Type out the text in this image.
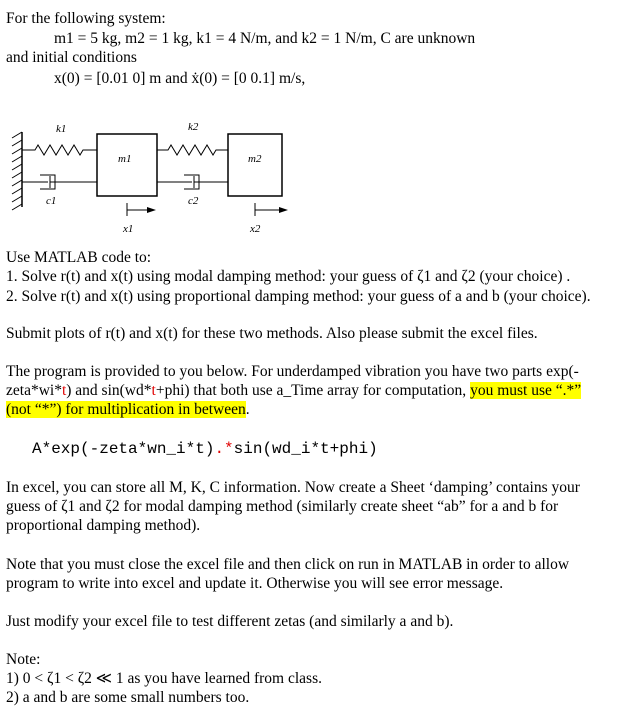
For the following system:
m1 = 5 kg, m2 = 1 kg, k1 = 4 N/m, and k2 = 1 N/m, C are unknown
and initial conditions
x(0) = [0.01 0] m and ẋ(0) = [0 0.1] m/s,
k1
c1
m1
x1
k2
c2
m2
x2
Use MATLAB code to:
1. Solve r(t) and x(t) using modal damping method: your guess of ζ1 and ζ2 (your choice) .
2. Solve r(t) and x(t) using proportional damping method: your guess of a and b (your choice).
Submit plots of r(t) and x(t) for these two methods. Also please submit the excel files.
The program is provided to you below. For underdamped vibration you have two parts exp(-
zeta*wi*t) and sin(wd*t+phi) that both use a_Time array for computation, you must use “.*”
(not “*”) for multiplication in between.
A*exp(-zeta*wn_i*t).*sin(wd_i*t+phi)
In excel, you can store all M, K, C information. Now create a Sheet ‘damping’ contains your
guess of ζ1 and ζ2 for modal damping method (similarly create sheet “ab” for a and b for
proportional damping method).
Note that you must close the excel file and then click on run in MATLAB in order to allow
program to write into excel and update it. Otherwise you will see error message.
Just modify your excel file to test different zetas (and similarly a and b).
Note:
1) 0 < ζ1 < ζ2 ≪ 1 as you have learned from class.
2) a and b are some small numbers too.
